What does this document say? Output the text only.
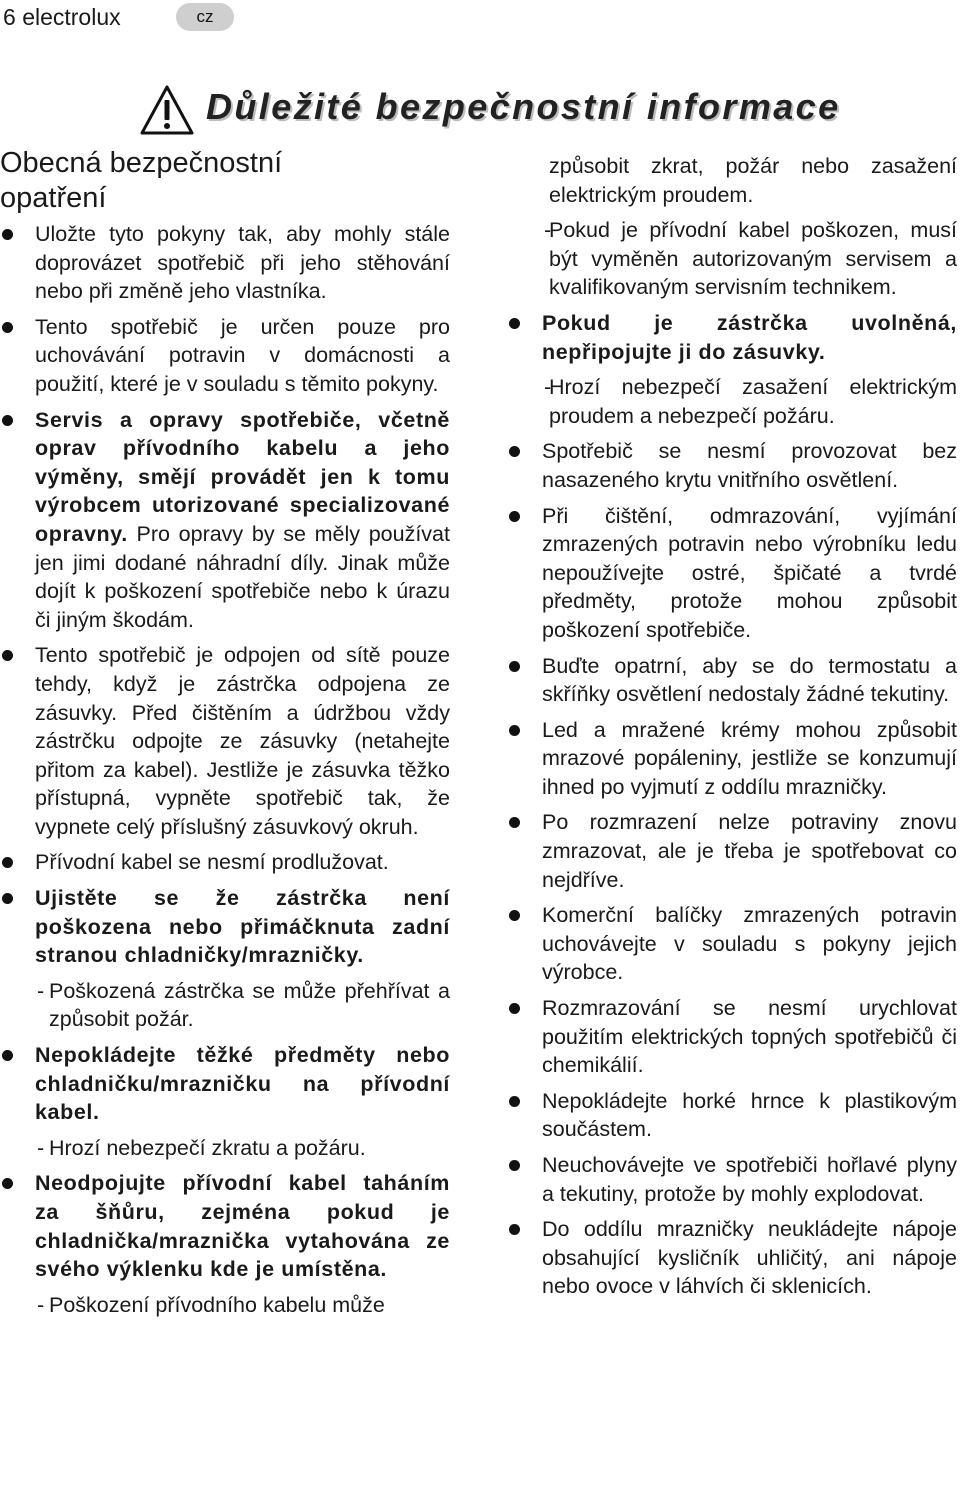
6 electrolux	cz
Důležité bezpečnostní informace
Obecná bezpečnostní
opatření
Uložte tyto pokyny tak, aby mohly stále doprovázet spotřebič při jeho stěhování nebo při změně jeho vlastníka.
Tento spotřebič je určen pouze pro uchovávání potravin v domácnosti a použití, které je v souladu s těmito pokyny.
Servis a opravy spotřebiče, včetně oprav přívodního kabelu a jeho výměny, smějí provádět jen k tomu výrobcem utorizované specializované opravny. Pro opravy by se měly používat jen jimi dodané náhradní díly. Jinak může dojít k poškození spotřebiče nebo k úrazu či jiným škodám.
Tento spotřebič je odpojen od sítě pouze tehdy, když je zástrčka odpojena ze zásuvky. Před čištěním a údržbou vždy zástrčku odpojte ze zásuvky (netahejte přitom za kabel). Jestliže je zásuvka těžko přístupná, vypněte spotřebič tak, že vypnete celý příslušný zásuvkový okruh.
Přívodní kabel se nesmí prodlužovat.
Ujistěte se že zástrčka není poškozena nebo přimáčknuta zadní stranou chladničky/mrazničky.
- Poškozená zástrčka se může přehřívat a způsobit požár.
Nepokládejte těžké předměty nebo chladničku/mrazničku na přívodní kabel.
- Hrozí nebezpečí zkratu a požáru.
Neodpojujte přívodní kabel taháním za šňůru, zejména pokud je chladnička/mraznička vytahována ze svého výklenku kde je umístěna.
- Poškození přívodního kabelu může
způsobit zkrat, požár nebo zasažení elektrickým proudem.
- Pokud je přívodní kabel poškozen, musí být vyměněn autorizovaným servisem a kvalifikovaným servisním technikem.
Pokud je zástrčka uvolněná, nepřipojujte ji do zásuvky.
- Hrozí nebezpečí zasažení elektrickým proudem a nebezpečí požáru.
Spotřebič se nesmí provozovat bez nasazeného krytu vnitřního osvětlení.
Při čištění, odmrazování, vyjímání zmrazených potravin nebo výrobníku ledu nepoužívejte ostré, špičaté a tvrdé předměty, protože mohou způsobit poškození spotřebiče.
Buďte opatrní, aby se do termostatu a skříňky osvětlení nedostaly žádné tekutiny.
Led a mražené krémy mohou způsobit mrazové popáleniny, jestliže se konzumují ihned po vyjmutí z oddílu mrazničky.
Po rozmrazení nelze potraviny znovu zmrazovat, ale je třeba je spotřebovat co nejdříve.
Komerční balíčky zmrazených potravin uchovávejte v souladu s pokyny jejich výrobce.
Rozmrazování se nesmí urychlovat použitím elektrických topných spotřebičů či chemikálií.
Nepokládejte horké hrnce k plastikovým součástem.
Neuchovávejte ve spotřebiči hořlavé plyny a tekutiny, protože by mohly explodovat.
Do oddílu mrazničky neukládejte nápoje obsahující kysličník uhličitý, ani nápoje nebo ovoce v láhvích či sklenicích.
